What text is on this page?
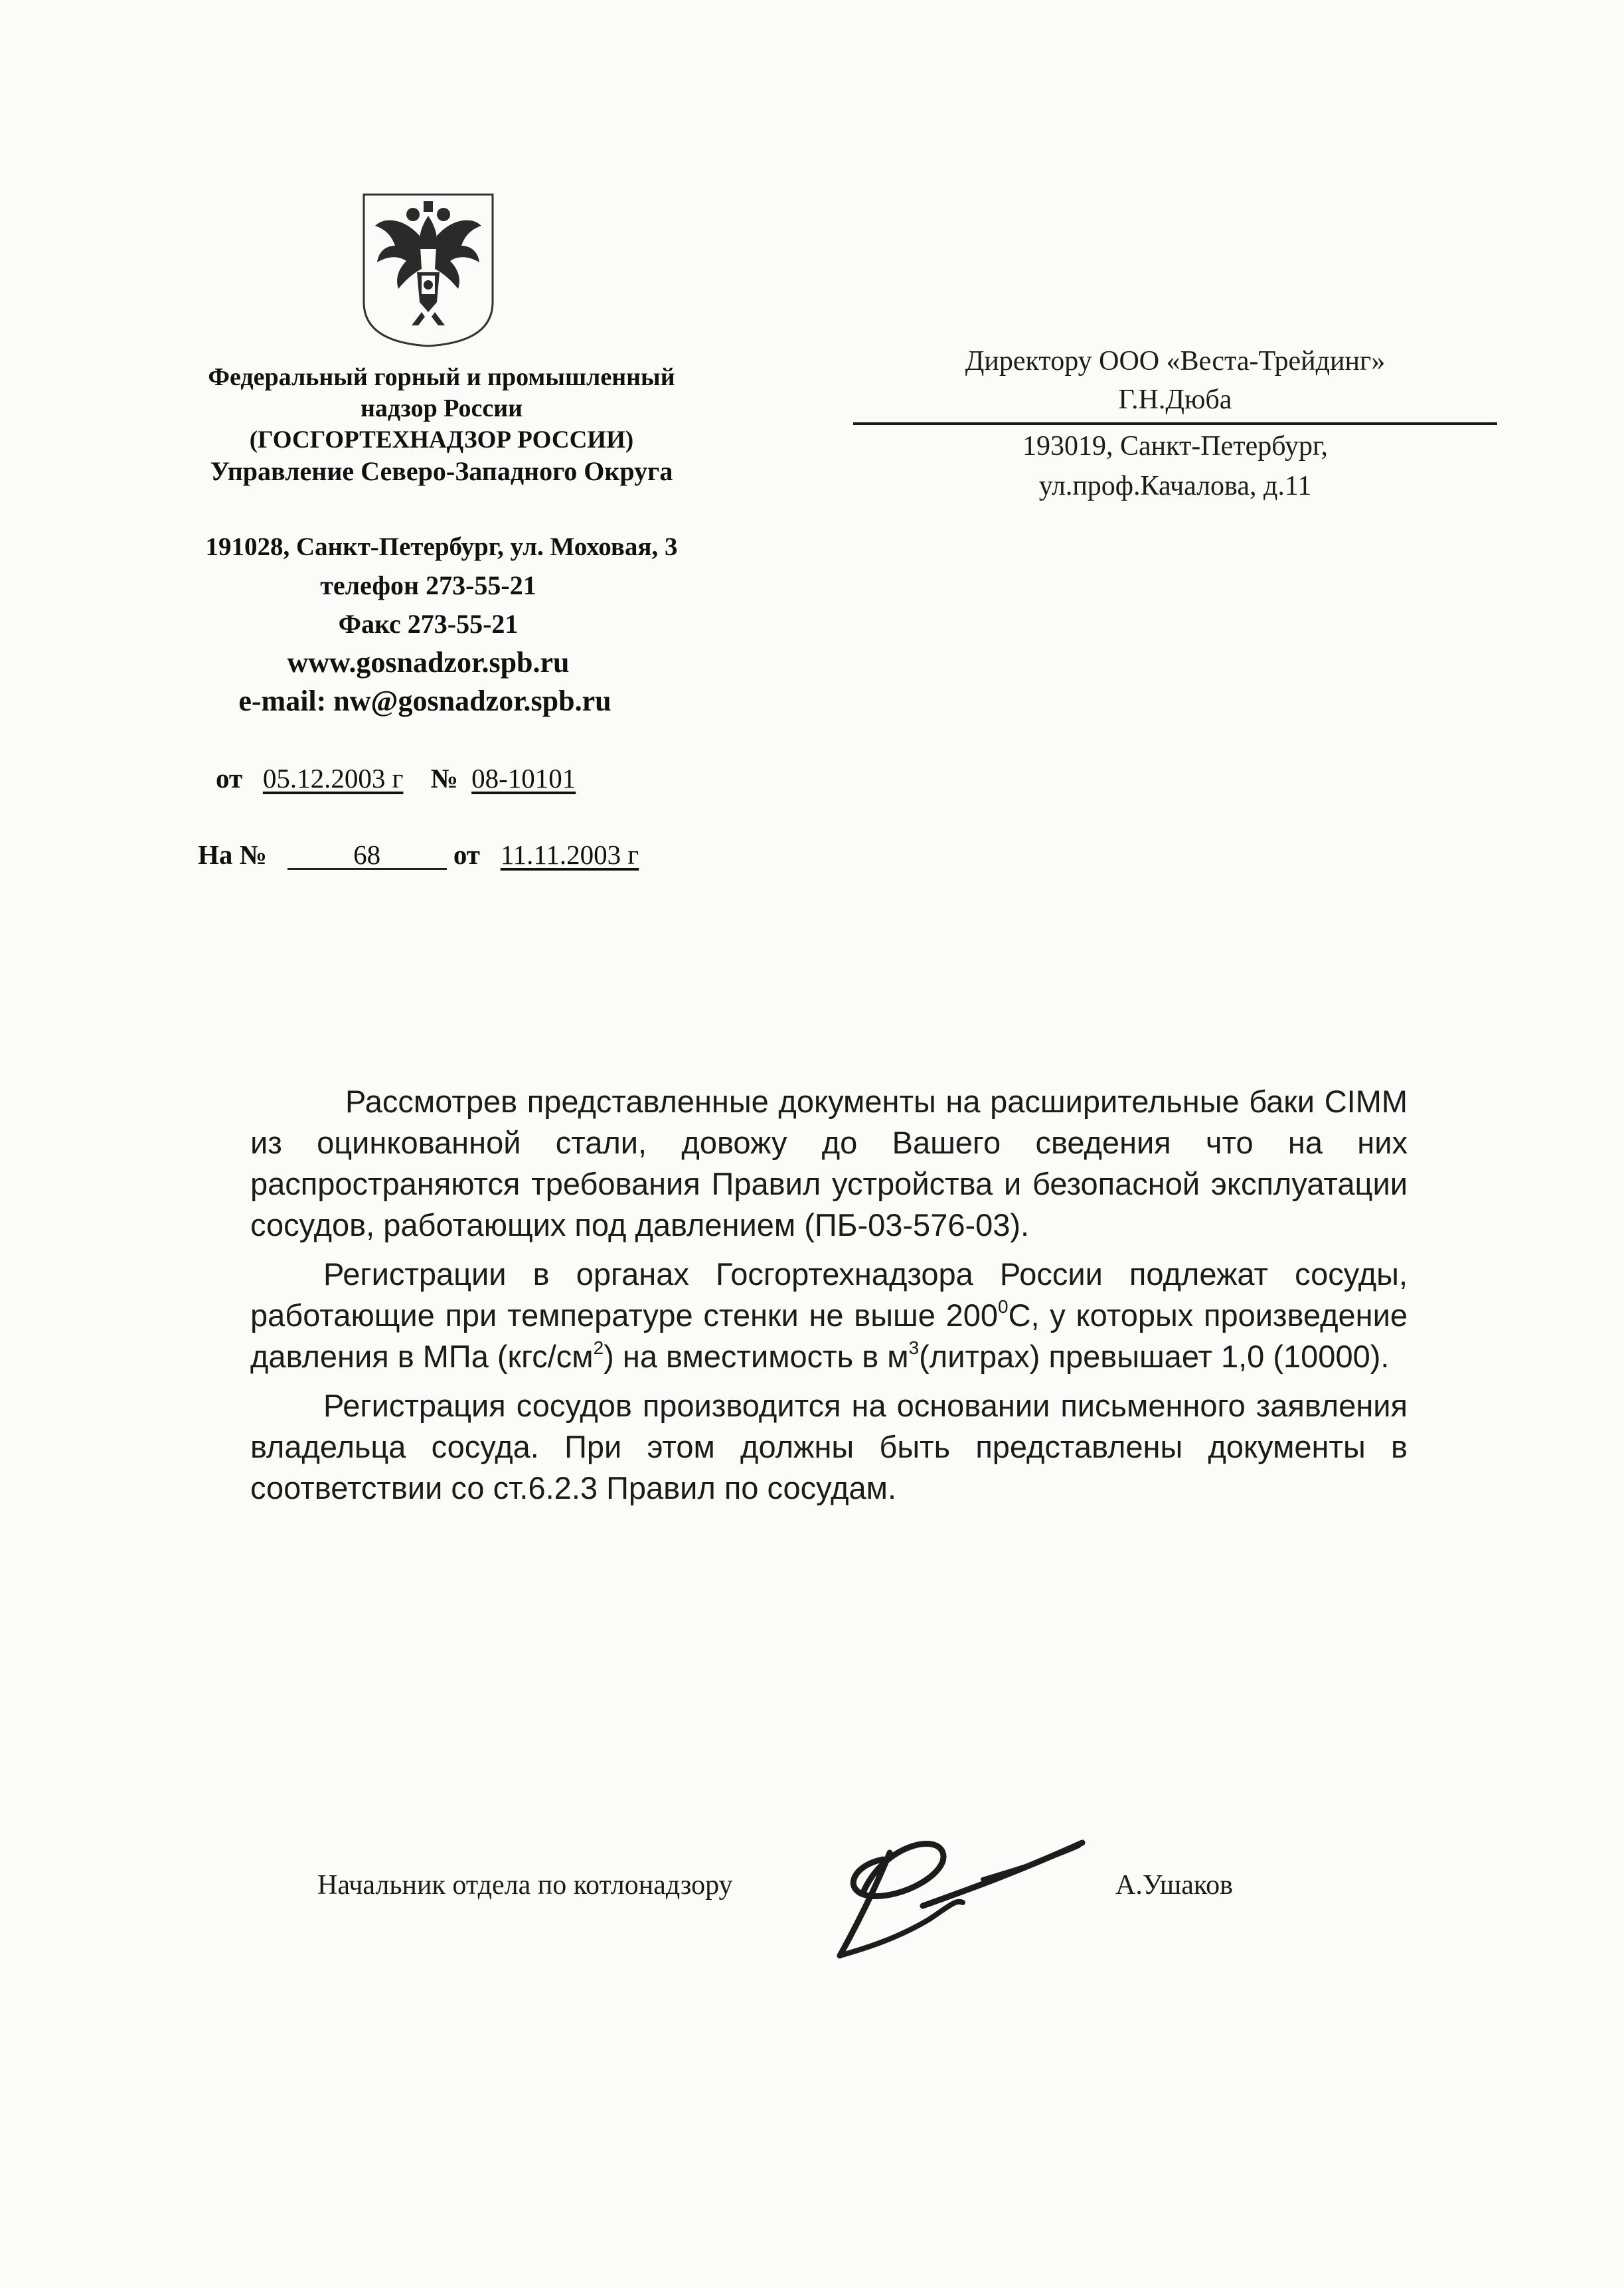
Федеральный горный и промышленный
надзор России
(ГОСГОРТЕХНАДЗОР РОССИИ)
Управление Северо-Западного Округа
191028, Санкт-Петербург, ул. Моховая, 3
телефон 273-55-21
Факс 273-55-21
www.gosnadzor.spb.ru
e-mail: nw@gosnadzor.spb.ru
от 05.12.2003 г № 08-10101
На №	68	от 11.11.2003 г
Директору ООО «Веста-Трейдинг»
Г.Н.Дюба
193019, Санкт-Петербург,
ул.проф.Качалова, д.11

Рассмотрев представленные документы на расширительные баки CIMM из оцинкованной стали, довожу до Вашего сведения что на них распространяются требования Правил устройства и безопасной эксплуатации сосудов, работающих под давлением (ПБ-03-576-03).

Регистрации в органах Госгортехнадзора России подлежат сосуды, работающие при температуре стенки не выше $200^0С$, у которых произведение давления в МПа $(кгс/см^2)$ на вместимость в $м^3(литрах)$ превышает 1,0 (10000).

Регистрация сосудов производится на основании письменного заявления владельца сосуда. При этом должны быть представлены документы в соответствии со ст.6.2.3 Правил по сосудам.

Начальник отдела по котлонадзору	А.Ушаков
